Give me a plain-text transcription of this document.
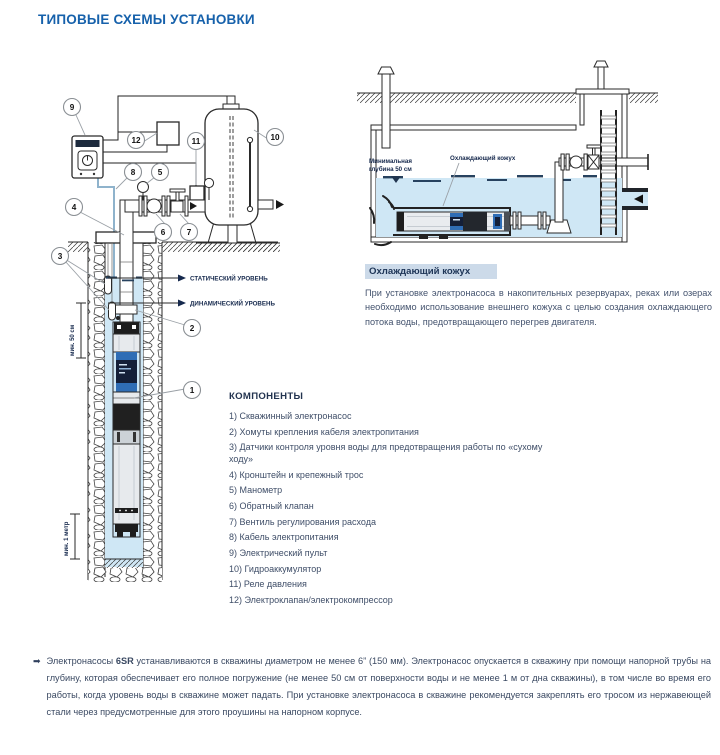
ТИПОВЫЕ СХЕМЫ УСТАНОВКИ
СТАТИЧЕСКИЙ УРОВЕНЬ
ДИНАМИЧЕСКИЙ УРОВЕНЬ
мин. 50 см
мин. 1 метр
9
12	11	10
8	5
4
6	7
3
2
1
Минимальная
глубина 50 см
Охлаждающий кожух
Охлаждающий кожух

При установке электронасоса в накопительных резервуарах, реках или озерах необходимо использование внешнего кожуха с целью создания охлаждающего потока воды, предотвращающего перегрев двигателя.

КОМПОНЕНТЫ
1) Скважинный электронасос
2) Хомуты крепления кабеля электропитания
3) Датчики контроля уровня воды для предотвращения работы по «сухому ходу»
4) Кронштейн и крепежный трос
5) Манометр
6) Обратный клапан
7) Вентиль регулирования расхода
8) Кабель электропитания
9) Электрический пульт
10) Гидроаккумулятор
11) Реле давления
12) Электроклапан/электрокомпрессор
➡ Электронасосы 6SR устанавливаются в скважины диаметром не менее 6” (150 мм). Электронасос опускается в скважину при помощи напорной трубы на глубину, которая обеспечивает его полное погружение (не менее 50 см от поверхности воды и не менее 1 м от дна скважины), в том числе во время его работы, когда уровень воды в скважине может падать. При установке электронасоса в скважине рекомендуется закреплять его тросом из нержавеющей стали через предусмотренные для этого проушины на напорном корпусе.
